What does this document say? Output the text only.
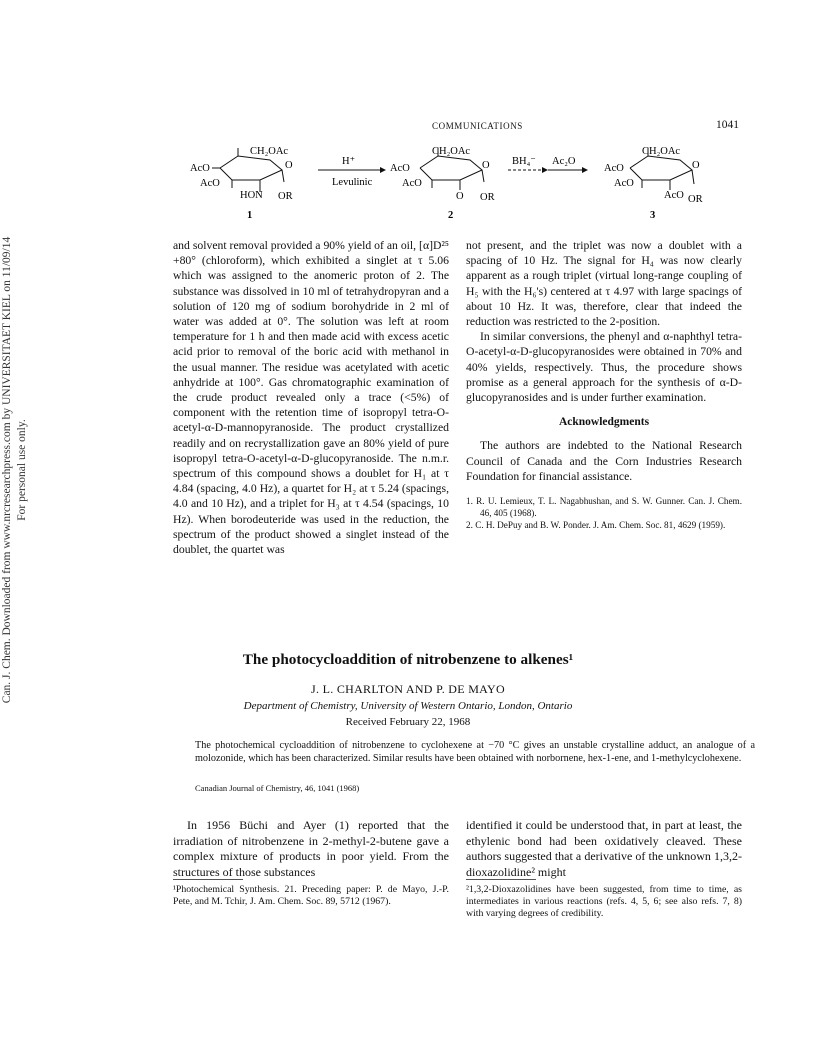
Can. J. Chem. Downloaded from www.nrcresearchpress.com by UNIVERSITAET KIEL on 11/09/14 For personal use only.
COMMUNICATIONS	1041
CH₂OAc
AcO
AcO
O
HON OR
1
H⁺
Levulinic
CH₂OAc
AcO
AcO
O
O OR
2
BH₄⁻ Ac₂O
CH₂OAc
AcO
AcO
O
AcO OR
3

and solvent removal provided a 90% yield of an oil, [α]D²⁵ +80° (chloroform), which exhibited a singlet at τ 5.06 which was assigned to the anomeric proton of 2. The substance was dissolved in 10 ml of tetrahydropyran and a solution of 120 mg of sodium borohydride in 2 ml of water was added at 0°. The solution was left at room temperature for 1 h and then made acid with excess acetic acid prior to removal of the boric acid with methanol in the usual manner. The residue was acetylated with acetic anhydride at 100°. Gas chromatographic examination of the crude product revealed only a trace (<5%) of component with the retention time of isopropyl tetra-O-acetyl-α-D-mannopyranoside. The product crystallized readily and on recrystallization gave an 80% yield of pure isopropyl tetra-O-acetyl-α-D-glucopyranoside. The n.m.r. spectrum of this compound shows a doublet for H₁ at τ 4.84 (spacing, 4.0 Hz), a quartet for H₂ at τ 5.24 (spacings, 4.0 and 10 Hz), and a triplet for H₃ at τ 4.54 (spacings, 10 Hz). When borodeuteride was used in the reduction, the spectrum of the product showed a singlet instead of the doublet, the quartet was

not present, and the triplet was now a doublet with a spacing of 10 Hz. The signal for H₄ was now clearly apparent as a rough triplet (virtual long-range coupling of H₅ with the H₆'s) centered at τ 4.97 with large spacings of about 10 Hz. It was, therefore, clear that indeed the reduction was restricted to the 2-position.

In similar conversions, the phenyl and α-naphthyl tetra-O-acetyl-α-D-glucopyranosides were obtained in 70% and 40% yields, respectively. Thus, the procedure shows promise as a general approach for the synthesis of α-D-glucopyranosides and is under further examination.

Acknowledgments

The authors are indebted to the National Research Council of Canada and the Corn Industries Research Foundation for financial assistance.

1. R. U. Lemieux, T. L. Nagabhushan, and S. W. Gunner. Can. J. Chem. 46, 405 (1968).
2. C. H. DePuy and B. W. Ponder. J. Am. Chem. Soc. 81, 4629 (1959).
The photocycloaddition of nitrobenzene to alkenes¹
J. L. CHARLTON AND P. DE MAYO
Department of Chemistry, University of Western Ontario, London, Ontario
Received February 22, 1968
The photochemical cycloaddition of nitrobenzene to cyclohexene at −70 °C gives an unstable crystalline adduct, an analogue of a molozonide, which has been characterized. Similar results have been obtained with norbornene, hex-1-ene, and 1-methylcyclohexene.
Canadian Journal of Chemistry, 46, 1041 (1968)

In 1956 Büchi and Ayer (1) reported that the irradiation of nitrobenzene in 2-methyl-2-butene gave a complex mixture of products in poor yield. From the structures of those substances

identified it could be understood that, in part at least, the ethylenic bond had been oxidatively cleaved. These authors suggested that a derivative of the unknown 1,3,2-dioxazolidine² might

¹Photochemical Synthesis. 21. Preceding paper: P. de Mayo, J.-P. Pete, and M. Tchir, J. Am. Chem. Soc. 89, 5712 (1967).
²1,3,2-Dioxazolidines have been suggested, from time to time, as intermediates in various reactions (refs. 4, 5, 6; see also refs. 7, 8) with varying degrees of credibility.
